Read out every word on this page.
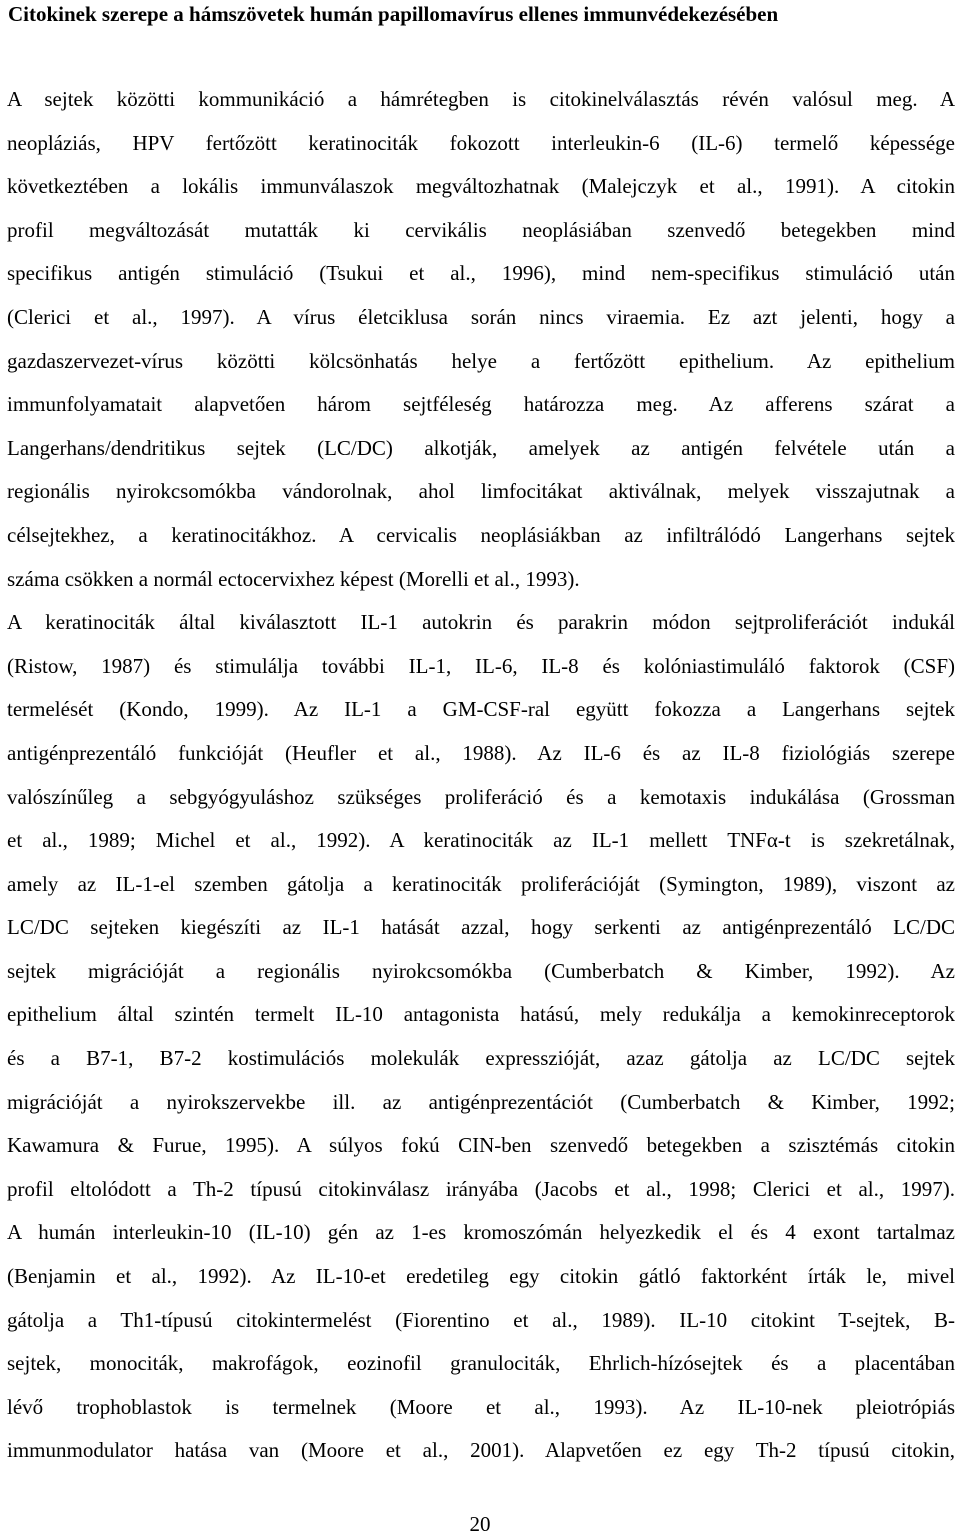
Citokinek szerepe a hámszövetek humán papillomavírus ellenes immunvédekezésében
A sejtek közötti kommunikáció a hámrétegben is citokinelválasztás révén valósul meg. A
neopláziás, HPV fertőzött keratinociták fokozott interleukin-6 (IL-6) termelő képessége
következtében a lokális immunválaszok megváltozhatnak (Malejczyk et al., 1991). A citokin
profil megváltozását mutatták ki cervikális neoplásiában szenvedő betegekben mind
specifikus antigén stimuláció (Tsukui et al., 1996), mind nem-specifikus stimuláció után
(Clerici et al., 1997). A vírus életciklusa során nincs viraemia. Ez azt jelenti, hogy a
gazdaszervezet-vírus közötti kölcsönhatás helye a fertőzött epithelium. Az epithelium
immunfolyamatait alapvetően három sejtféleség határozza meg. Az afferens szárat a
Langerhans/dendritikus sejtek (LC/DC) alkotják, amelyek az antigén felvétele után a
regionális nyirokcsomókba vándorolnak, ahol limfocitákat aktiválnak, melyek visszajutnak a
célsejtekhez, a keratinocitákhoz. A cervicalis neoplásiákban az infiltrálódó Langerhans sejtek
száma csökken a normál ectocervixhez képest (Morelli et al., 1993).
A keratinociták által kiválasztott IL-1 autokrin és parakrin módon sejtproliferációt indukál
(Ristow, 1987) és stimulálja további IL-1, IL-6, IL-8 és kolóniastimuláló faktorok (CSF)
termelését (Kondo, 1999). Az IL-1 a GM-CSF-ral együtt fokozza a Langerhans sejtek
antigénprezentáló funkcióját (Heufler et al., 1988). Az IL-6 és az IL-8 fiziológiás szerepe
valószínűleg a sebgyógyuláshoz szükséges proliferáció és a kemotaxis indukálása (Grossman
et al., 1989; Michel et al., 1992). A keratinociták az IL-1 mellett TNFα-t is szekretálnak,
amely az IL-1-el szemben gátolja a keratinociták proliferációját (Symington, 1989), viszont az
LC/DC sejteken kiegészíti az IL-1 hatását azzal, hogy serkenti az antigénprezentáló LC/DC
sejtek migrációját a regionális nyirokcsomókba (Cumberbatch & Kimber, 1992). Az
epithelium által szintén termelt IL-10 antagonista hatású, mely redukálja a kemokinreceptorok
és a B7-1, B7-2 kostimulációs molekulák expresszióját, azaz gátolja az LC/DC sejtek
migrációját a nyirokszervekbe ill. az antigénprezentációt (Cumberbatch & Kimber, 1992;
Kawamura & Furue, 1995). A súlyos fokú CIN-ben szenvedő betegekben a szisztémás citokin
profil eltolódott a Th-2 típusú citokinválasz irányába (Jacobs et al., 1998; Clerici et al., 1997).
A humán interleukin-10 (IL-10) gén az 1-es kromoszómán helyezkedik el és 4 exont tartalmaz
(Benjamin et al., 1992). Az IL-10-et eredetileg egy citokin gátló faktorként írták le, mivel
gátolja a Th1-típusú citokintermelést (Fiorentino et al., 1989). IL-10 citokint T-sejtek, B-
sejtek, monociták, makrofágok, eozinofil granulociták, Ehrlich-hízósejtek és a placentában
lévő trophoblastok is termelnek (Moore et al., 1993). Az IL-10-nek pleiotrópiás
immunmodulator hatása van (Moore et al., 2001). Alapvetően ez egy Th-2 típusú citokin,
20
